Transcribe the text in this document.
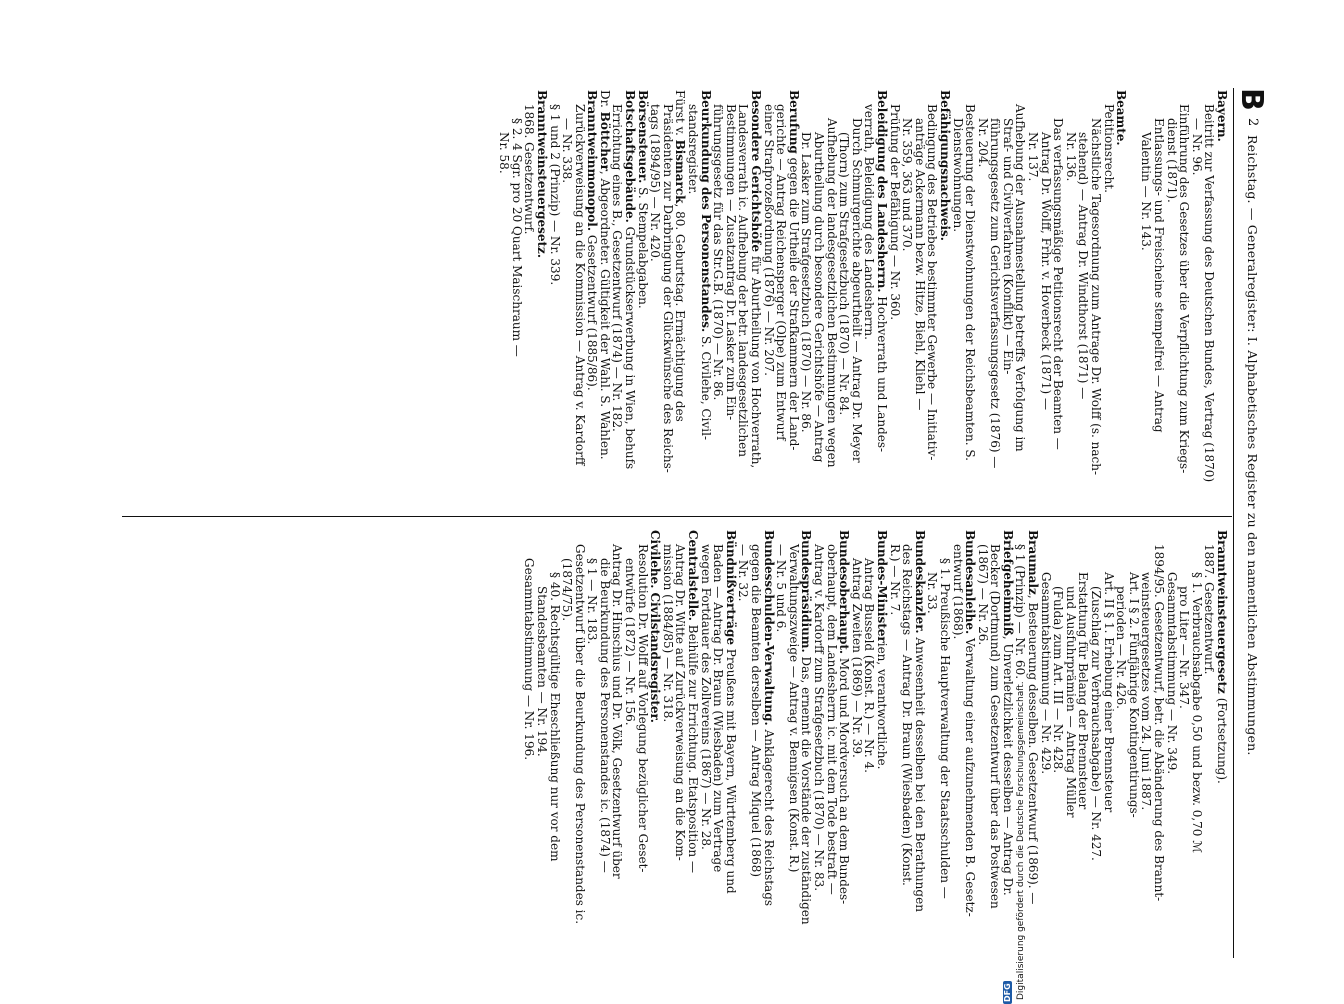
B
2
Reichstag. — Generalregister: I. Alphabetisches Register zu den namentlichen Abstimmungen.
Bayern.
Beitritt zur Verfassung des Deutschen Bundes, Vertrag (1870)
— Nr. 96.
Einführung des Gesetzes über die Verpflichtung zum Kriegs-
dienst (1871).
Entlassungs- und Freischeine stempelfrei — Antrag
Valentin — Nr. 143.

Beamte.
Petitionsrecht.
Nächstliche Tagesordnung zum Antrage Dr. Wolff (s. nach-
stehend) — Antrag Dr. Windthorst (1871) —
Nr. 136.
Das verfassungsmäßige Petitionsrecht der Beamten —
Antrag Dr. Wolff, Frhr. v. Hoverbeck (1871) —
Nr. 137.
Aufhebung der Ausnahmestellung betreffs Verfolgung im
Straf- und Civilverfahren (Konflikt) — Ein-
führungsgesetz zum Gerichtsverfassungsgesetz (1876) —
Nr. 204.
Besteuerung der Dienstwohnungen der Reichsbeamten. S.
Dienstwohnungen.
Befähigungsnachweis.
Bedingung des Betriebes bestimmter Gewerbe — Initiativ-
anträge Ackermann bezw. Hitze, Biehl, Kliehl —
Nr. 359, 363 und 370.
Prüfung der Befähigung — Nr. 360.
Beleidigung des Landesherrn. Hochverrath und Landes-
verrath, Beleidigung des Landesherrn.
Durch Schmurgerichte abgeurtheilt — Antrag Dr. Meyer
(Thorn) zum Strafgesetzbuch (1870) — Nr. 84.
Aufhebung der landesgesetzlichen Bestimmungen wegen
Aburtheilung durch besondere Gerichtshöfe — Antrag
Dr. Lasker zum Strafgesetzbuch (1870) — Nr. 86.
Berufung gegen die Urtheile der Strafkammern der Land-
gerichte — Antrag Reichensperger (Olpe) zum Entwurf
einer Strafprozeßordnung (1876) — Nr. 207.
Besondere Gerichtshöfe für Aburtheilung von Hochverrath,
Landesverrath ic. Aufhebung der betr. landesgesetzlichen
Bestimmungen — Zusatzantrag Dr. Lasker zum Ein-
führungsgesetz für das Str.G.B. (1870) — Nr. 86.
Beurkundung des Personenstandes. S. Civilehe, Civil-
standsregister.
Fürst v. Bismarck, 80. Geburtstag. Ermächtigung des
Präsidenten zur Darbringung der Glückwünsche des Reichs-
tags (1894/95) — Nr. 420.
Börsensteuer. S. Stempelabgaben.
Botschaftsgebäude. Grundstückserwerbung in Wien, behufs
Errichtung eines B., Gesetzentwurf (1874) — Nr. 182.
Dr. Böttcher, Abgeordneter. Gültigkeit der Wahl. S. Wahlen.
Branntweinmonopol. Gesetzentwurf (1885/86).
Zurückverweisung an die Kommission — Antrag v. Kardorff
— Nr. 338.
§ 1 und 2 (Prinzip) — Nr. 339.
Branntweinsteuergesetz.
1868. Gesetzentwurf.
§ 2. 4 Sgr. pro 20 Quart Maischraum —
Nr. 58.
Branntweinsteuergesetz (Fortsetzung).
1887. Gesetzentwurf.
§ 1. Verbrauchsabgabe 0,50 und bezw. 0,70 ℳ
pro Liter — Nr. 347.
Gesammtabstimmung — Nr. 349.
1894/95. Gesetzentwurf, betr. die Abänderung des Brannt-
weinsteuergesetzes vom 24. Juni 1887.
Art. I § 2. Fünfjährige Kontingentirungs-
perioden — Nr. 426.
Art. II § 1. Erhebung einer Brennsteuer
(Zuschlag zur Verbrauchsabgabe) — Nr. 427.
Erstattung für Belang der Brennsteuer
und Ausfuhrprämien — Antrag Müller
(Fulda) zum Art. III — Nr. 428.
Gesammtabstimmung — Nr. 429.
Braumalz, Besteuerung desselben. Gesetzentwurf (1869). —
§ 1 (Prinzip) — Nr. 60.
Briefgeheimniß, Unverletzlichkeit desselben — Antrag Dr.
Becker (Dortmund) zum Gesetzentwurf über das Postwesen
(1867) — Nr. 26.
Bundesanleihe. Verwaltung einer aufzunehmenden B. Gesetz-
entwurf (1868).
§ 1. Preußische Hauptverwaltung der Staatsschulden —
Nr. 33.
Bundeskanzler. Anwesenheit desselben bei den Berathungen
des Reichstags — Antrag Dr. Braun (Wiesbaden) (Konst.
R.) — Nr. 7.
Bundes-Ministerien, verantwortliche.
Antrag Busseld (Konst. R.) — Nr. 4.
Antrag Zweiten (1869) — Nr. 39.
Bundesoberhaupt. Mord und Mordversuch an dem Bundes-
oberhaupt, dem Landesherrn ic. mit dem Tode bestraft —
Antrag v. Kardorff zum Strafgesetzbuch (1870) — Nr. 83.
Bundespräsidium. Das, ernennt die Vorstände der zuständigen
Verwaltungszweige — Antrag v. Bennigsen (Konst. R.)
— Nr. 5 und 6.
Bundesschulden-Verwaltung. Anklagerecht des Reichstags
gegen die Beamten derselben — Antrag Miquel (1868)
— Nr. 32.
Bündnißverträge Preußens mit Bayern, Württemberg und
Baden — Antrag Dr. Braun (Wiesbaden) zum Vertrage
wegen Fortdauer des Zollvereins (1867) — Nr. 28.
Centralstelle. Beihülfe zur Errichtung. Etatsposition —
Antrag Dr. Witte auf Zurückverweisung an die Kom-
mission (1884/85) — Nr. 318.
Civilehe. Civilstandsregister.
Resolution Dr. Wolff auf Vorlegung bezüglicher Geset-
entwürfe (1872) — Nr. 156.
Antrag Dr. Hinschius und Dr. Völk, Gesetzentwurf über
die Beurkundung des Personenstandes ic. (1874) —
§ 1 — Nr. 183.
Gesetzentwurf über die Beurkundung des Personenstandes ic.
(1874/75).
§ 40. Rechtsgültige Eheschließung nur vor dem
Standesbeamten — Nr. 194.
Gesammtabstimmung — Nr. 196.
Digitalisierung gefördert durch die Deutsche Forschungsgemeinschaft.
DFG
